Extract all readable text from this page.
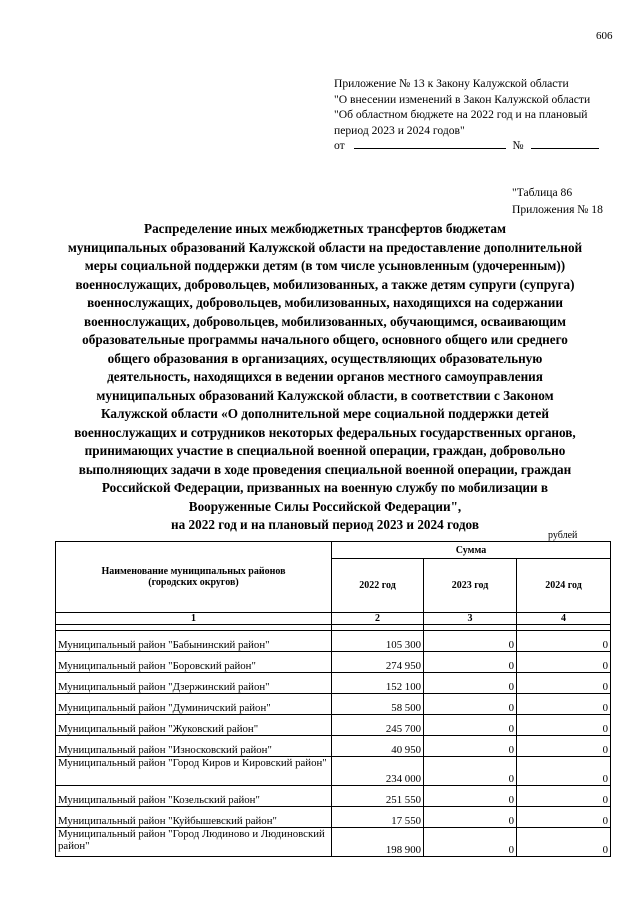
606
Приложение № 13 к Закону Калужской области
"О внесении изменений в Закон Калужской области
"Об областном бюджете на 2022 год и на плановый
период 2023 и 2024 годов"
от	№
"Таблица 86
Приложения № 18
Распределение иных межбюджетных трансфертов бюджетам
муниципальных образований Калужской области на предоставление дополнительной
меры социальной поддержки детям (в том числе усыновленным (удочеренным))
военнослужащих, добровольцев, мобилизованных, а также детям супруги (супруга)
военнослужащих, добровольцев, мобилизованных, находящихся на содержании
военнослужащих, добровольцев, мобилизованных, обучающимся, осваивающим
образовательные программы начального общего, основного общего или среднего
общего образования в организациях, осуществляющих образовательную
деятельность, находящихся в ведении органов местного самоуправления
муниципальных образований Калужской области, в соответствии с Законом
Калужской области «О дополнительной мере социальной поддержки детей
военнослужащих и сотрудников некоторых федеральных государственных органов,
принимающих участие в специальной военной операции, граждан, добровольно
выполняющих задачи в ходе проведения специальной военной операции, граждан
Российской Федерации, призванных на военную службу по мобилизации в
Вооруженные Силы Российской Федерации",
на 2022 год и на плановый период 2023 и 2024 годов
рублей
Наименование муниципальных районов
(городских округов)	Сумма		
	2022 год	2023 год	2024 год
1	2	3	4

Муниципальный район "Бабынинский район"	105 300	0	0
Муниципальный район "Боровский район"	274 950	0	0
Муниципальный район "Дзержинский район"	152 100	0	0
Муниципальный район "Думиничский район"	58 500	0	0
Муниципальный район "Жуковский район"	245 700	0	0
Муниципальный район "Износковский район"	40 950	0	0
Муниципальный район "Город Киров и Кировский район"	234 000	0	0
Муниципальный район "Козельский район"	251 550	0	0
Муниципальный район "Куйбышевский район"	17 550	0	0
Муниципальный район "Город Людиново и Людиновский район"	198 900	0	0
